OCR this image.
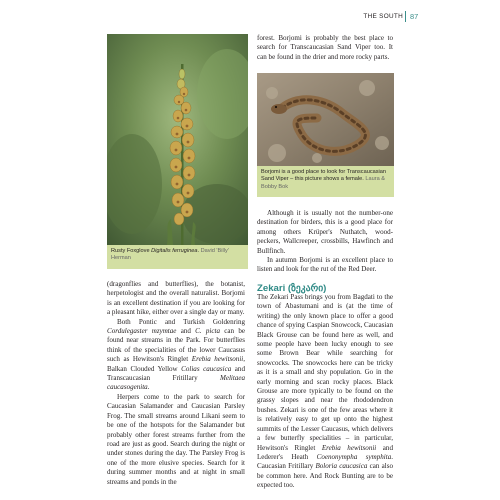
THE SOUTH 87
Rusty Foxglove Digitalis ferruginea. David 'Billy' Herman

forest. Borjomi is probably the best place to search for Transcaucasian Sand Viper too. It can be found in the drier and more rocky parts.

Borjomi is a good place to look for Transcaucasian Sand Viper – this picture shows a female. Laura & Bobby Bok

Although it is usually not the number-one destination for birders, this is a good place for among others Krüper's Nuthatch, wood-peckers, Wallcreeper, crossbills, Hawfinch and Bullfinch.

In autumn Borjomi is an excellent place to listen and look for the rut of the Red Deer.

Zekari (ზეკარი)

The Zekari Pass brings you from Bagdati to the town of Abastumani and is (at the time of writing) the only known place to offer a good chance of spying Caspian Snowcock, Caucasian Black Grouse can be found here as well, and some people have been lucky enough to see some Brown Bear while searching for snowcocks. The snowcocks here can be tricky as it is a small and shy population. Go in the early morning and scan rocky places. Black Grouse are more typically to be found on the grassy slopes and near the rhododendron bushes. Zekari is one of the few areas where it is relatively easy to get up onto the highest summits of the Lesser Caucasus, which delivers a few butterfly specialities – in particular, Hewitson's Ringlet Erebia hewitsonii and Lederer's Heath Coenonympha symphita. Caucasian Fritillary Boloria caucasica can also be common here. And Rock Bunting are to be expected too.

(dragonflies and butterflies), the botanist, herpetologist and the overall naturalist. Borjomi is an excellent destination if you are looking for a pleasant hike, either over a single day or many.

Both Pontic and Turkish Goldenring Cordulegaster mzymtae and C. picta can be found near streams in the Park. For butterflies think of the specialities of the lower Caucasus such as Hewitson's Ringlet Erebia hewitsonii, Balkan Clouded Yellow Colias caucasica and Transcaucasian Fritillary	Melitaea caucasogenita.

Herpers come to the park to search for Caucasian Salamander and Caucasian Parsley Frog. The small streams around Likani seem to be one of the hotspots for the Salamander but probably other forest streams further from the road are just as good. Search during the night or under stones during the day. The Parsley Frog is one of the more elusive species. Search for it during summer months and at night in small streams and ponds in the
